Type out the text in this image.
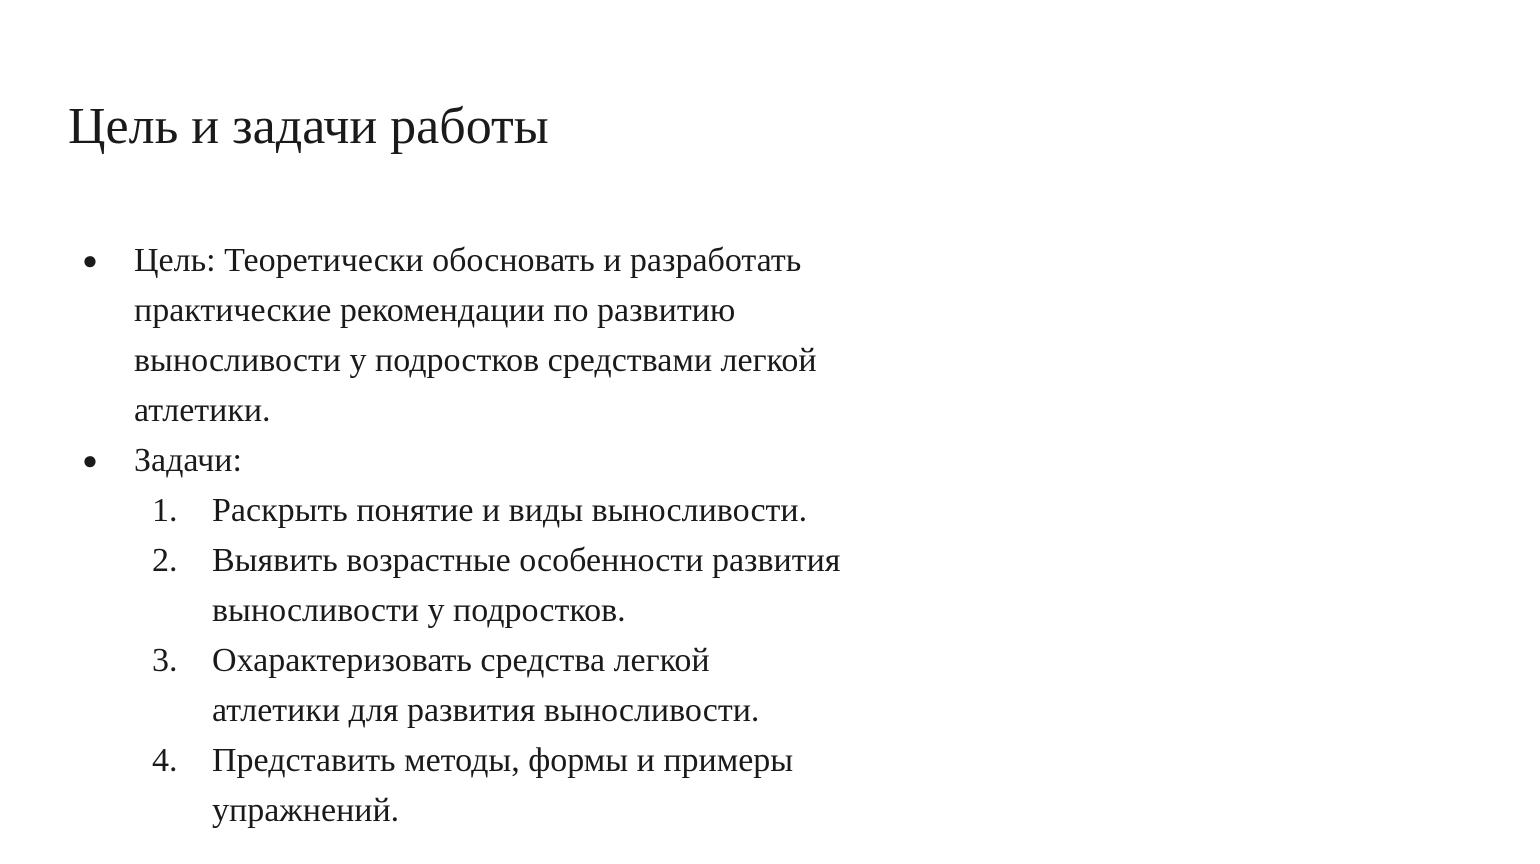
Цель и задачи работы
● Цель: Теоретически обосновать и разработать
практические рекомендации по развитию
выносливости у подростков средствами легкой
атлетики.
● Задачи:
1.	Раскрыть понятие и виды выносливости.
2.	Выявить возрастные особенности развития
выносливости у подростков.
3.	Охарактеризовать средства легкой
атлетики для развития выносливости.
4.	Представить методы, формы и примеры
упражнений.
